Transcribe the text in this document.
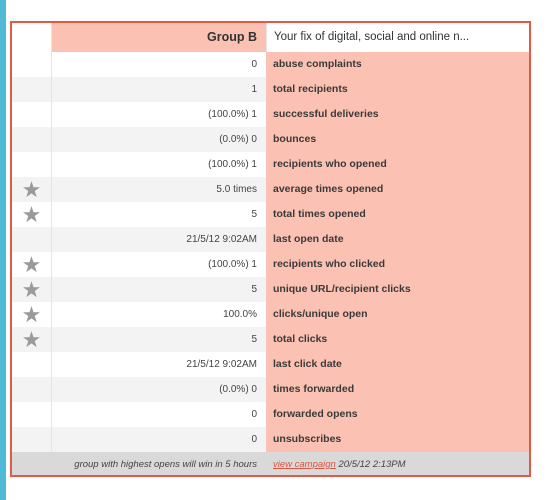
Group B	Your fix of digital, social and online n...
0	abuse complaints
1	total recipients
(100.0%) 1	successful deliveries
(0.0%) 0	bounces
(100.0%) 1	recipients who opened
★	5.0 times	average times opened
★	5	total times opened
21/5/12 9:02AM	last open date
★	(100.0%) 1	recipients who clicked
★	5	unique URL/recipient clicks
★	100.0%	clicks/unique open
★	5	total clicks
21/5/12 9:02AM	last click date
(0.0%) 0	times forwarded
0	forwarded opens
0	unsubscribes
group with highest opens will win in 5 hours	view campaign 20/5/12 2:13PM
